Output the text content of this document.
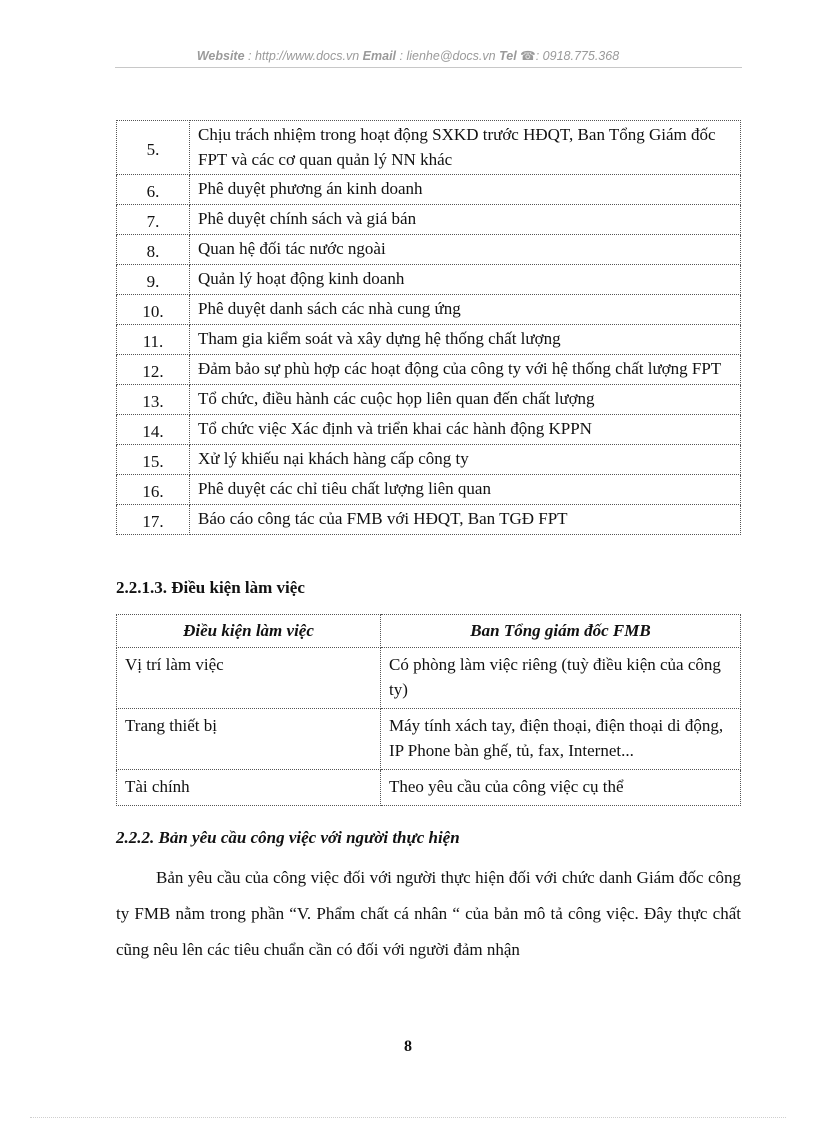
Website : http://www.docs.vn Email : lienhe@docs.vn Tel ☎: 0918.775.368
5.	Chịu trách nhiệm trong hoạt động SXKD trước HĐQT, Ban Tổng Giám đốc FPT và các cơ quan quản lý NN khác
6.	Phê duyệt phương án kinh doanh
7.	Phê duyệt chính sách và giá bán
8.	Quan hệ đối tác nước ngoài
9.	Quản lý hoạt động kinh doanh
10.	Phê duyệt danh sách các nhà cung ứng
11.	Tham gia kiểm soát và xây dựng hệ thống chất lượng
12.	Đảm bảo sự phù hợp các hoạt động của công ty với hệ thống chất lượng FPT
13.	Tổ chức, điều hành các cuộc họp liên quan đến chất lượng
14.	Tổ chức việc Xác định và triển khai các hành động KPPN
15.	Xử lý khiếu nại khách hàng cấp công ty
16.	Phê duyệt các chỉ tiêu chất lượng liên quan
17.	Báo cáo công tác của FMB với HĐQT, Ban TGĐ FPT
2.2.1.3. Điều kiện làm việc
Điều kiện làm việc	Ban Tổng giám đốc FMB
Vị trí làm việc	Có phòng làm việc riêng (tuỳ điều kiện của công ty)
Trang thiết bị	Máy tính xách tay, điện thoại, điện thoại di động, IP Phone bàn ghế, tủ, fax, Internet...
Tài chính	Theo yêu cầu của công việc cụ thể
2.2.2. Bản yêu cầu công việc với người thực hiện

Bản yêu cầu của công việc đối với người thực hiện đối với chức danh Giám đốc công ty FMB nằm trong phần “V. Phẩm chất cá nhân “ của bản mô tả công việc. Đây thực chất cũng nêu lên các tiêu chuẩn cần có đối với người đảm nhận

8
